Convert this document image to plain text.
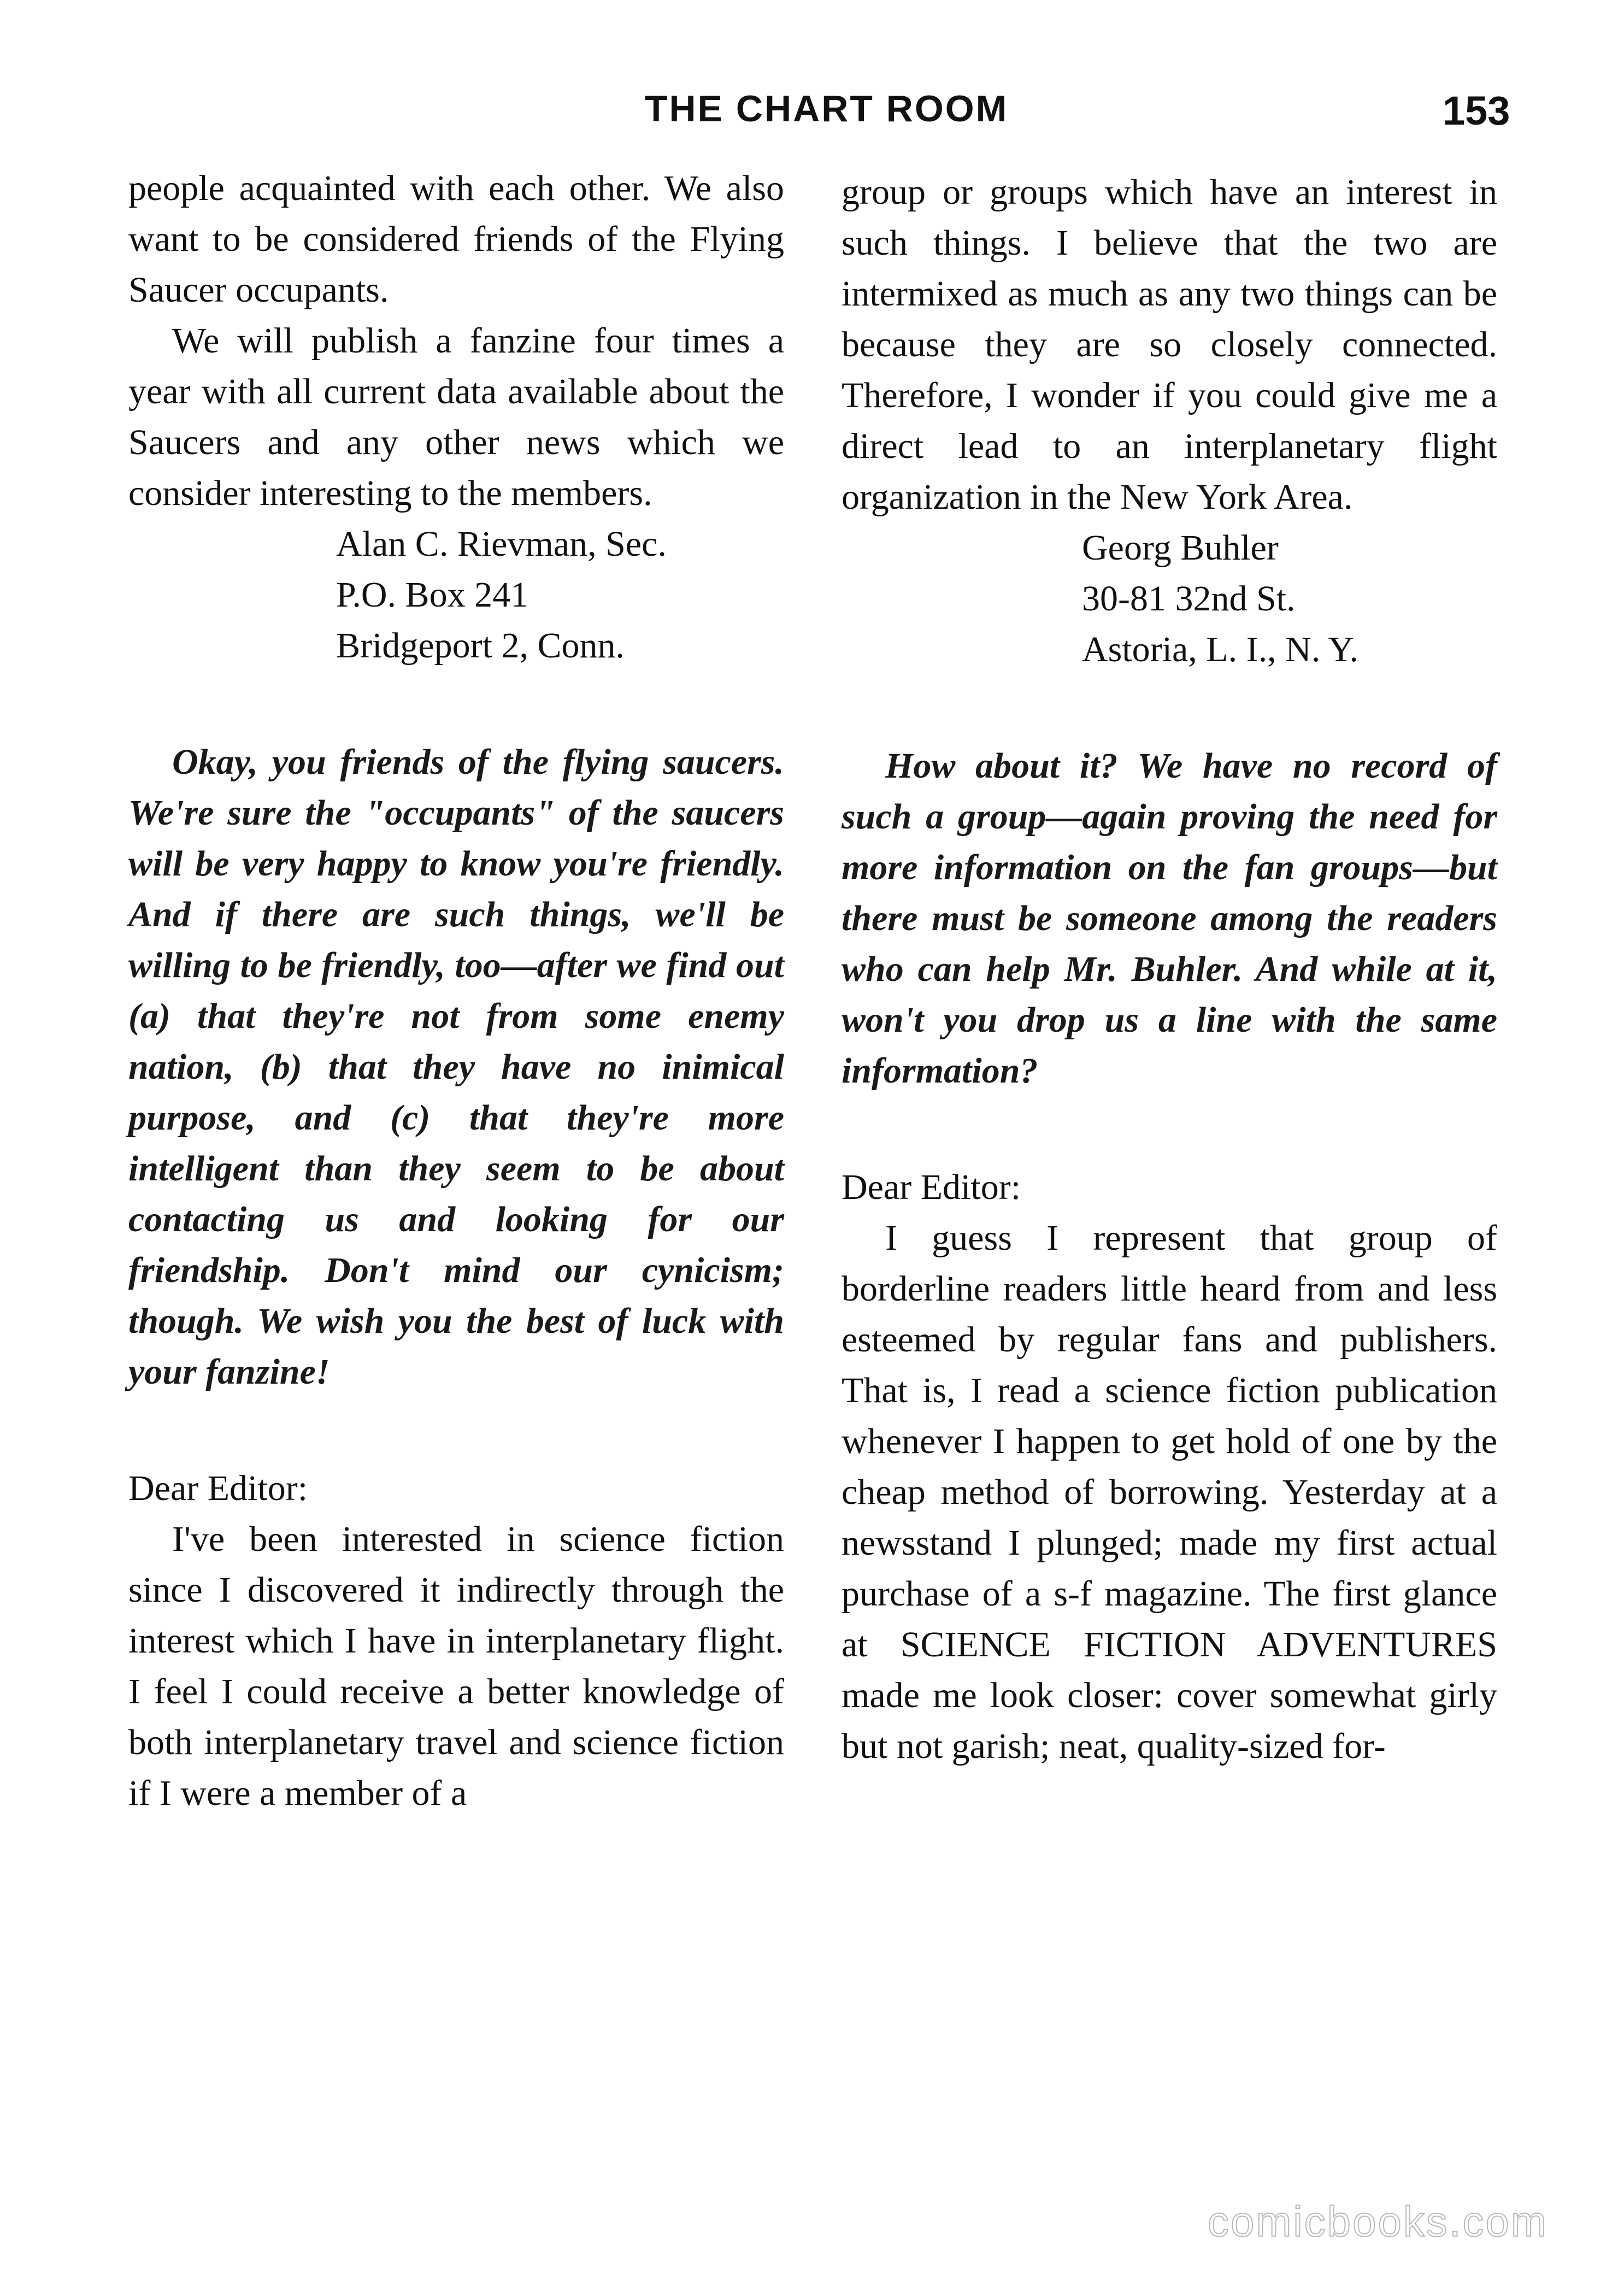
THE CHART ROOM	153

people acquainted with each other. We also want to be considered friends of the Flying Saucer occupants.

We will publish a fanzine four times a year with all current data available about the Saucers and any other news which we consider interesting to the members.

Alan C. Rievman, Sec.

P.O. Box 241

Bridgeport 2, Conn.

Okay, you friends of the flying saucers. We're sure the "occupants" of the saucers will be very happy to know you're friendly. And if there are such things, we'll be willing to be friendly, too—after we find out (a) that they're not from some enemy nation, (b) that they have no inimical purpose, and (c) that they're more intelligent than they seem to be about contacting us and looking for our friendship. Don't mind our cynicism; though. We wish you the best of luck with your fanzine!

Dear Editor:

I've been interested in science fiction since I discovered it indirectly through the interest which I have in interplanetary flight. I feel I could receive a better knowledge of both interplanetary travel and science fiction if I were a member of a

group or groups which have an interest in such things. I believe that the two are intermixed as much as any two things can be because they are so closely connected. Therefore, I wonder if you could give me a direct lead to an interplanetary flight organization in the New York Area.

Georg Buhler

30-81 32nd St.

Astoria, L. I., N. Y.

How about it? We have no record of such a group—again proving the need for more information on the fan groups—but there must be someone among the readers who can help Mr. Buhler. And while at it, won't you drop us a line with the same information?

Dear Editor:

I guess I represent that group of borderline readers little heard from and less esteemed by regular fans and publishers. That is, I read a science fiction publication whenever I happen to get hold of one by the cheap method of borrowing. Yesterday at a newsstand I plunged; made my first actual purchase of a s-f magazine. The first glance at SCIENCE FICTION ADVENTURES made me look closer: cover somewhat girly but not garish; neat, quality-sized for-

comicbooks.com
